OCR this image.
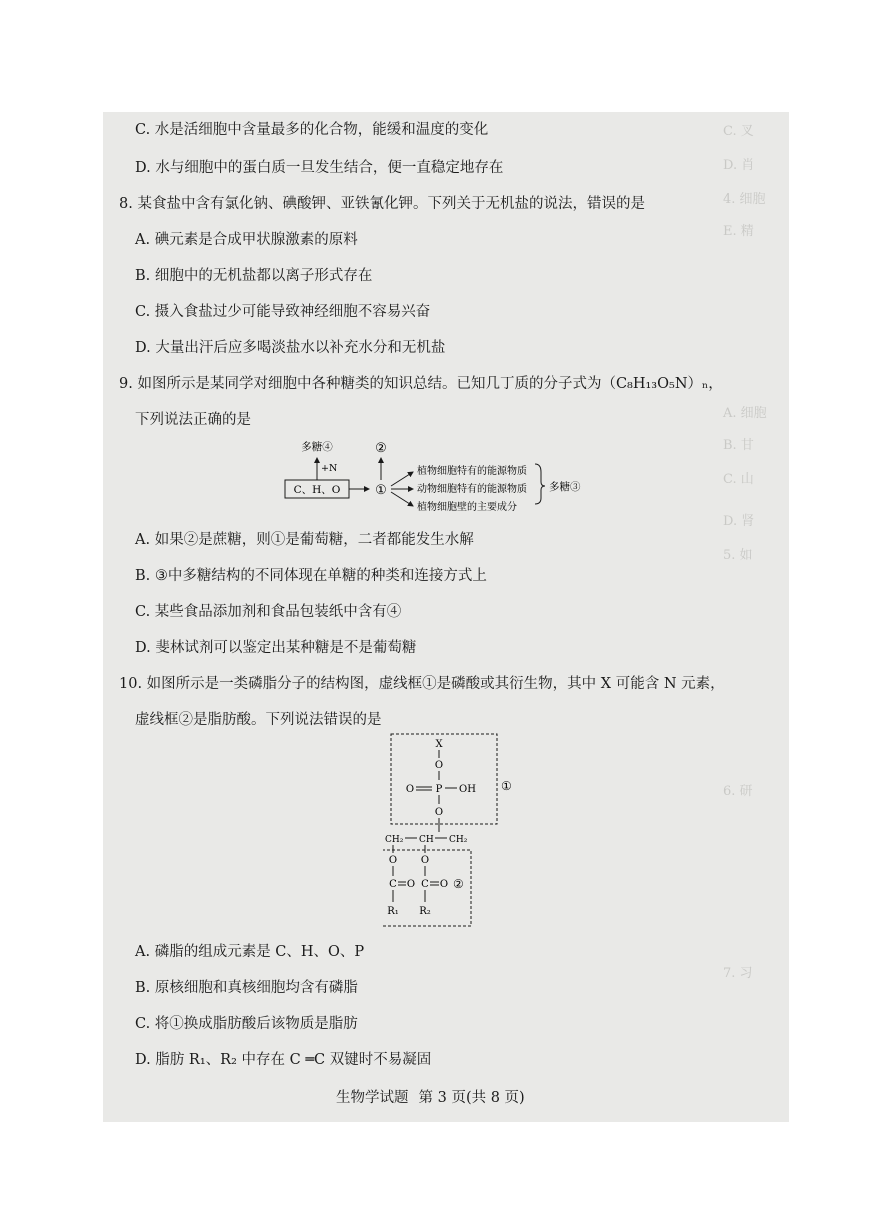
C. 叉
D. 肖
4. 细胞
E. 精
A. 细胞
B. 甘
C. 山
D. 肾
5. 如
6. 研
7. 习
C. 水是活细胞中含量最多的化合物，能缓和温度的变化
D. 水与细胞中的蛋白质一旦发生结合，便一直稳定地存在
8. 某食盐中含有氯化钠、碘酸钾、亚铁氰化钾。下列关于无机盐的说法，错误的是
A. 碘元素是合成甲状腺激素的原料
B. 细胞中的无机盐都以离子形式存在
C. 摄入食盐过少可能导致神经细胞不容易兴奋
D. 大量出汗后应多喝淡盐水以补充水分和无机盐
9. 如图所示是某同学对细胞中各种糖类的知识总结。已知几丁质的分子式为（C₈H₁₃O₅N）ₙ，
下列说法正确的是
C、H、O	①
②
多糖④
+N	植物细胞特有的能源物质
动物细胞特有的能源物质
植物细胞壁的主要成分
多糖③
A. 如果②是蔗糖，则①是葡萄糖，二者都能发生水解
B. ③中多糖结构的不同体现在单糖的种类和连接方式上
C. 某些食品添加剂和食品包装纸中含有④
D. 斐林试剂可以鉴定出某种糖是不是葡萄糖
10. 如图所示是一类磷脂分子的结构图，虚线框①是磷酸或其衍生物，其中 X 可能含 N 元素，
虚线框②是脂肪酸。下列说法错误的是
X
O
O P OH
O
①
CH₂ CH CH₂
O O
C O C O ②
R₁ R₂
A. 磷脂的组成元素是 C、H、O、P
B. 原核细胞和真核细胞均含有磷脂
C. 将①换成脂肪酸后该物质是脂肪
D. 脂肪 R₁、R₂ 中存在 C ═C 双键时不易凝固
生物学试题 第 3 页(共 8 页)
